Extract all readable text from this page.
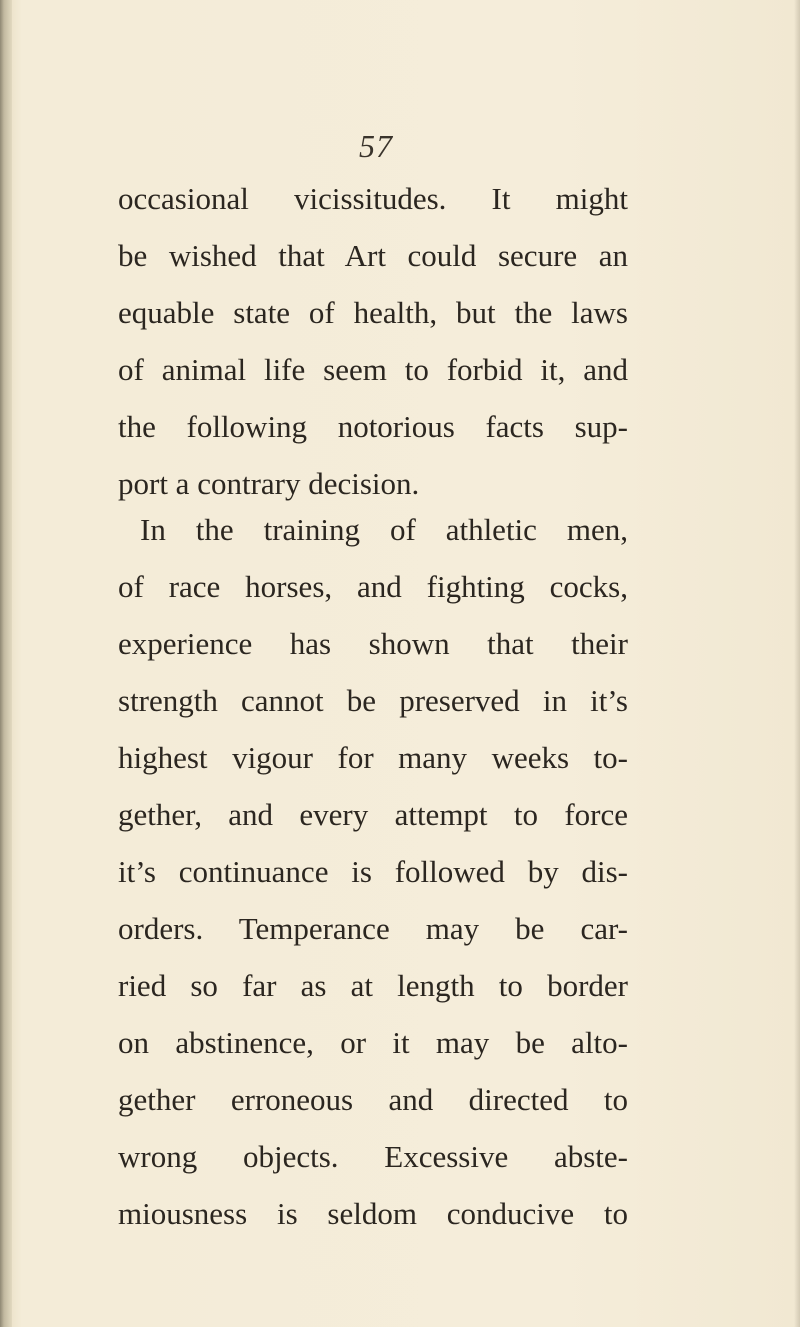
57
occasional vicissitudes. It might
be wished that Art could secure an
equable state of health, but the laws
of animal life seem to forbid it, and
the following notorious facts sup-
port a contrary decision.
In the training of athletic men,
of race horses, and fighting cocks,
experience has shown that their
strength cannot be preserved in it’s
highest vigour for many weeks to-
gether, and every attempt to force
it’s continuance is followed by dis-
orders. Temperance may be car-
ried so far as at length to border
on abstinence, or it may be alto-
gether erroneous and directed to
wrong objects. Excessive abste-
miousness is seldom conducive to
